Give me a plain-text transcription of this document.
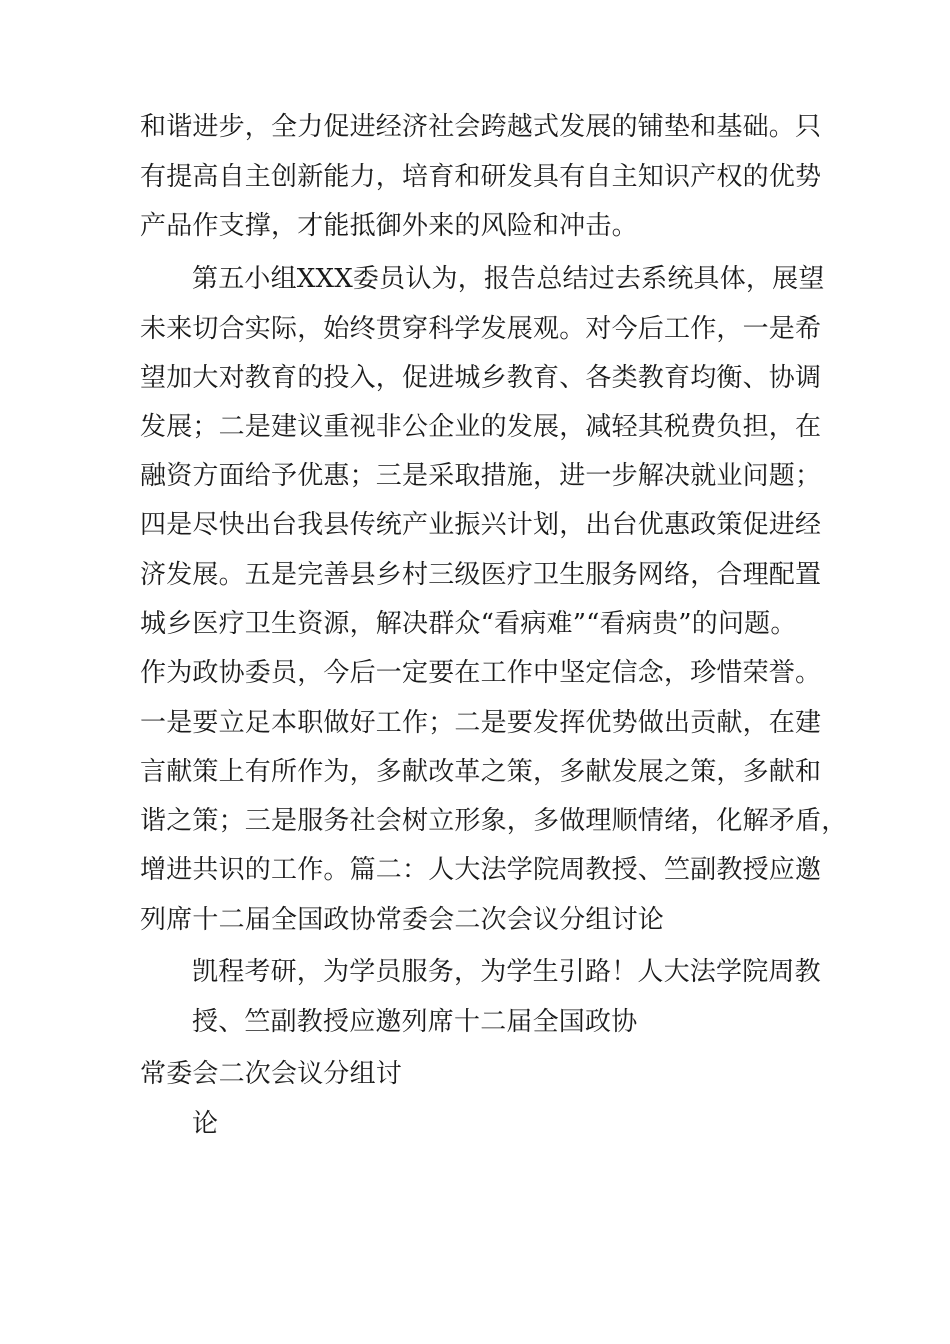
和谐进步，全力促进经济社会跨越式发展的铺垫和基础。只
有提高自主创新能力，培育和研发具有自主知识产权的优势
产品作支撑，才能抵御外来的风险和冲击。
第五小组XXX委员认为，报告总结过去系统具体，展望
未来切合实际，始终贯穿科学发展观。对今后工作，一是希
望加大对教育的投入，促进城乡教育、各类教育均衡、协调
发展；二是建议重视非公企业的发展，减轻其税费负担，在
融资方面给予优惠；三是采取措施，进一步解决就业问题；
四是尽快出台我县传统产业振兴计划，出台优惠政策促进经
济发展。五是完善县乡村三级医疗卫生服务网络，合理配置
城乡医疗卫生资源，解决群众“看病难”“看病贵”的问题。
作为政协委员，今后一定要在工作中坚定信念，珍惜荣誉。
一是要立足本职做好工作；二是要发挥优势做出贡献，在建
言献策上有所作为，多献改革之策，多献发展之策，多献和
谐之策；三是服务社会树立形象，多做理顺情绪，化解矛盾，
增进共识的工作。篇二：人大法学院周教授、竺副教授应邀
列席十二届全国政协常委会二次会议分组讨论
凯程考研，为学员服务，为学生引路！人大法学院周教
授、竺副教授应邀列席十二届全国政协
常委会二次会议分组讨
论
